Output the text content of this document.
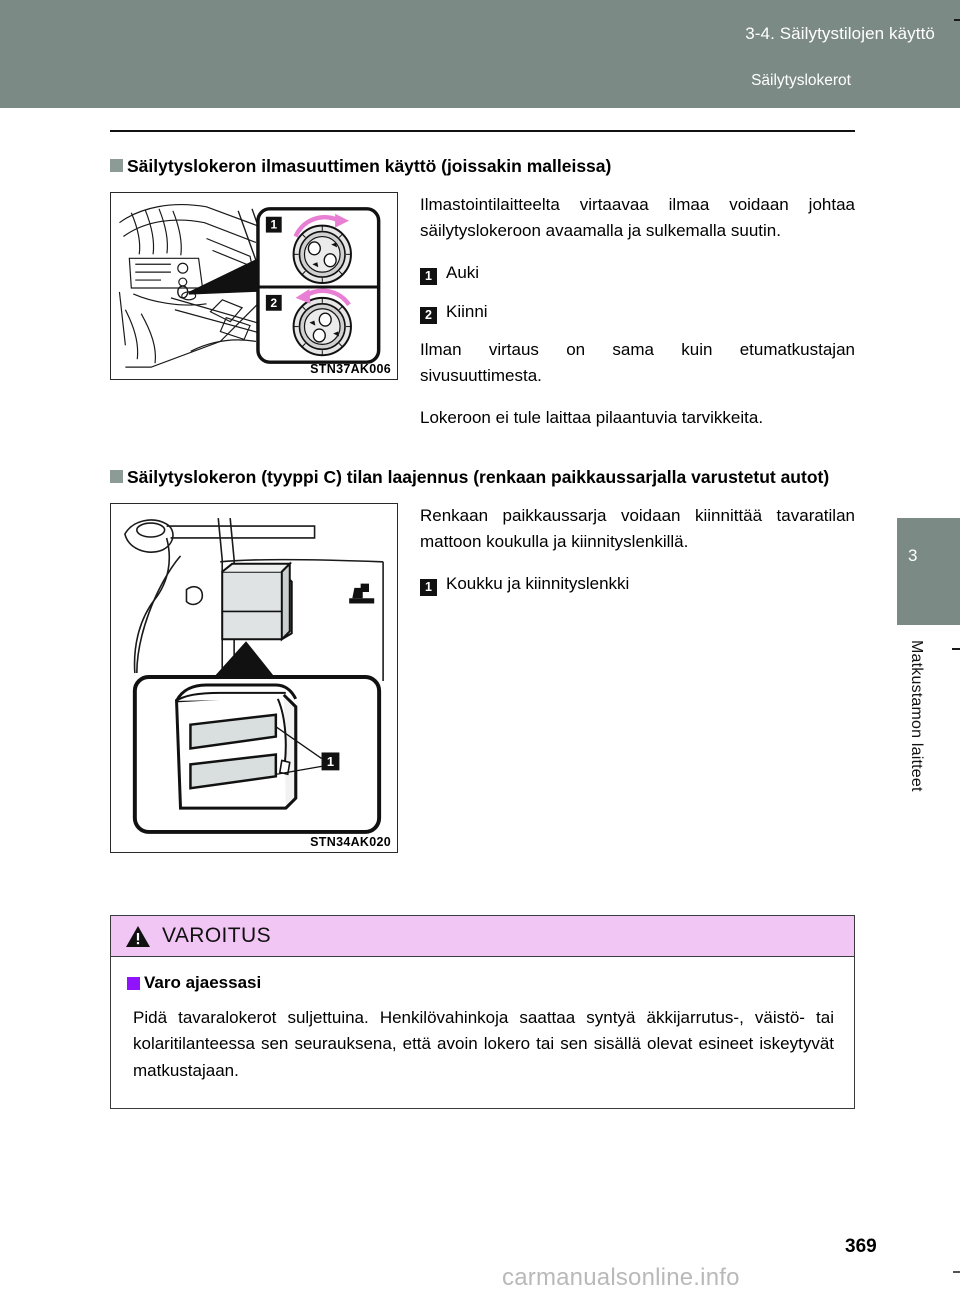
3-4. Säilytystilojen käyttö
Säilytyslokerot
3
Matkustamon laitteet
Säilytyslokeron ilmasuuttimen käyttö (joissakin malleissa)
1
2
STN37AK006

Ilmastointilaitteelta virtaavaa ilmaa voidaan johtaa säilytyslokeroon avaamalla ja sulkemalla suutin.

1 Auki
2 Kiinni

Ilman virtaus on sama kuin etumatkustajan sivusuuttimesta.

Lokeroon ei tule laittaa pilaantuvia tarvikkeita.

Säilytyslokeron (tyyppi C) tilan laajennus (renkaan paikkaussarjalla varustetut autot)
1
STN34AK020

Renkaan paikkaussarja voidaan kiinnittää tavaratilan mattoon koukulla ja kiinnityslenkillä.

1 Koukku ja kiinnityslenkki
VAROITUS
Varo ajaessasi
Pidä tavaralokerot suljettuina. Henkilövahinkoja saattaa syntyä äkkijarrutus-, väistö- tai kolaritilanteessa sen seurauksena, että avoin lokero tai sen sisällä olevat esineet iskeytyvät matkustajaan.
369
carmanualsonline.info
